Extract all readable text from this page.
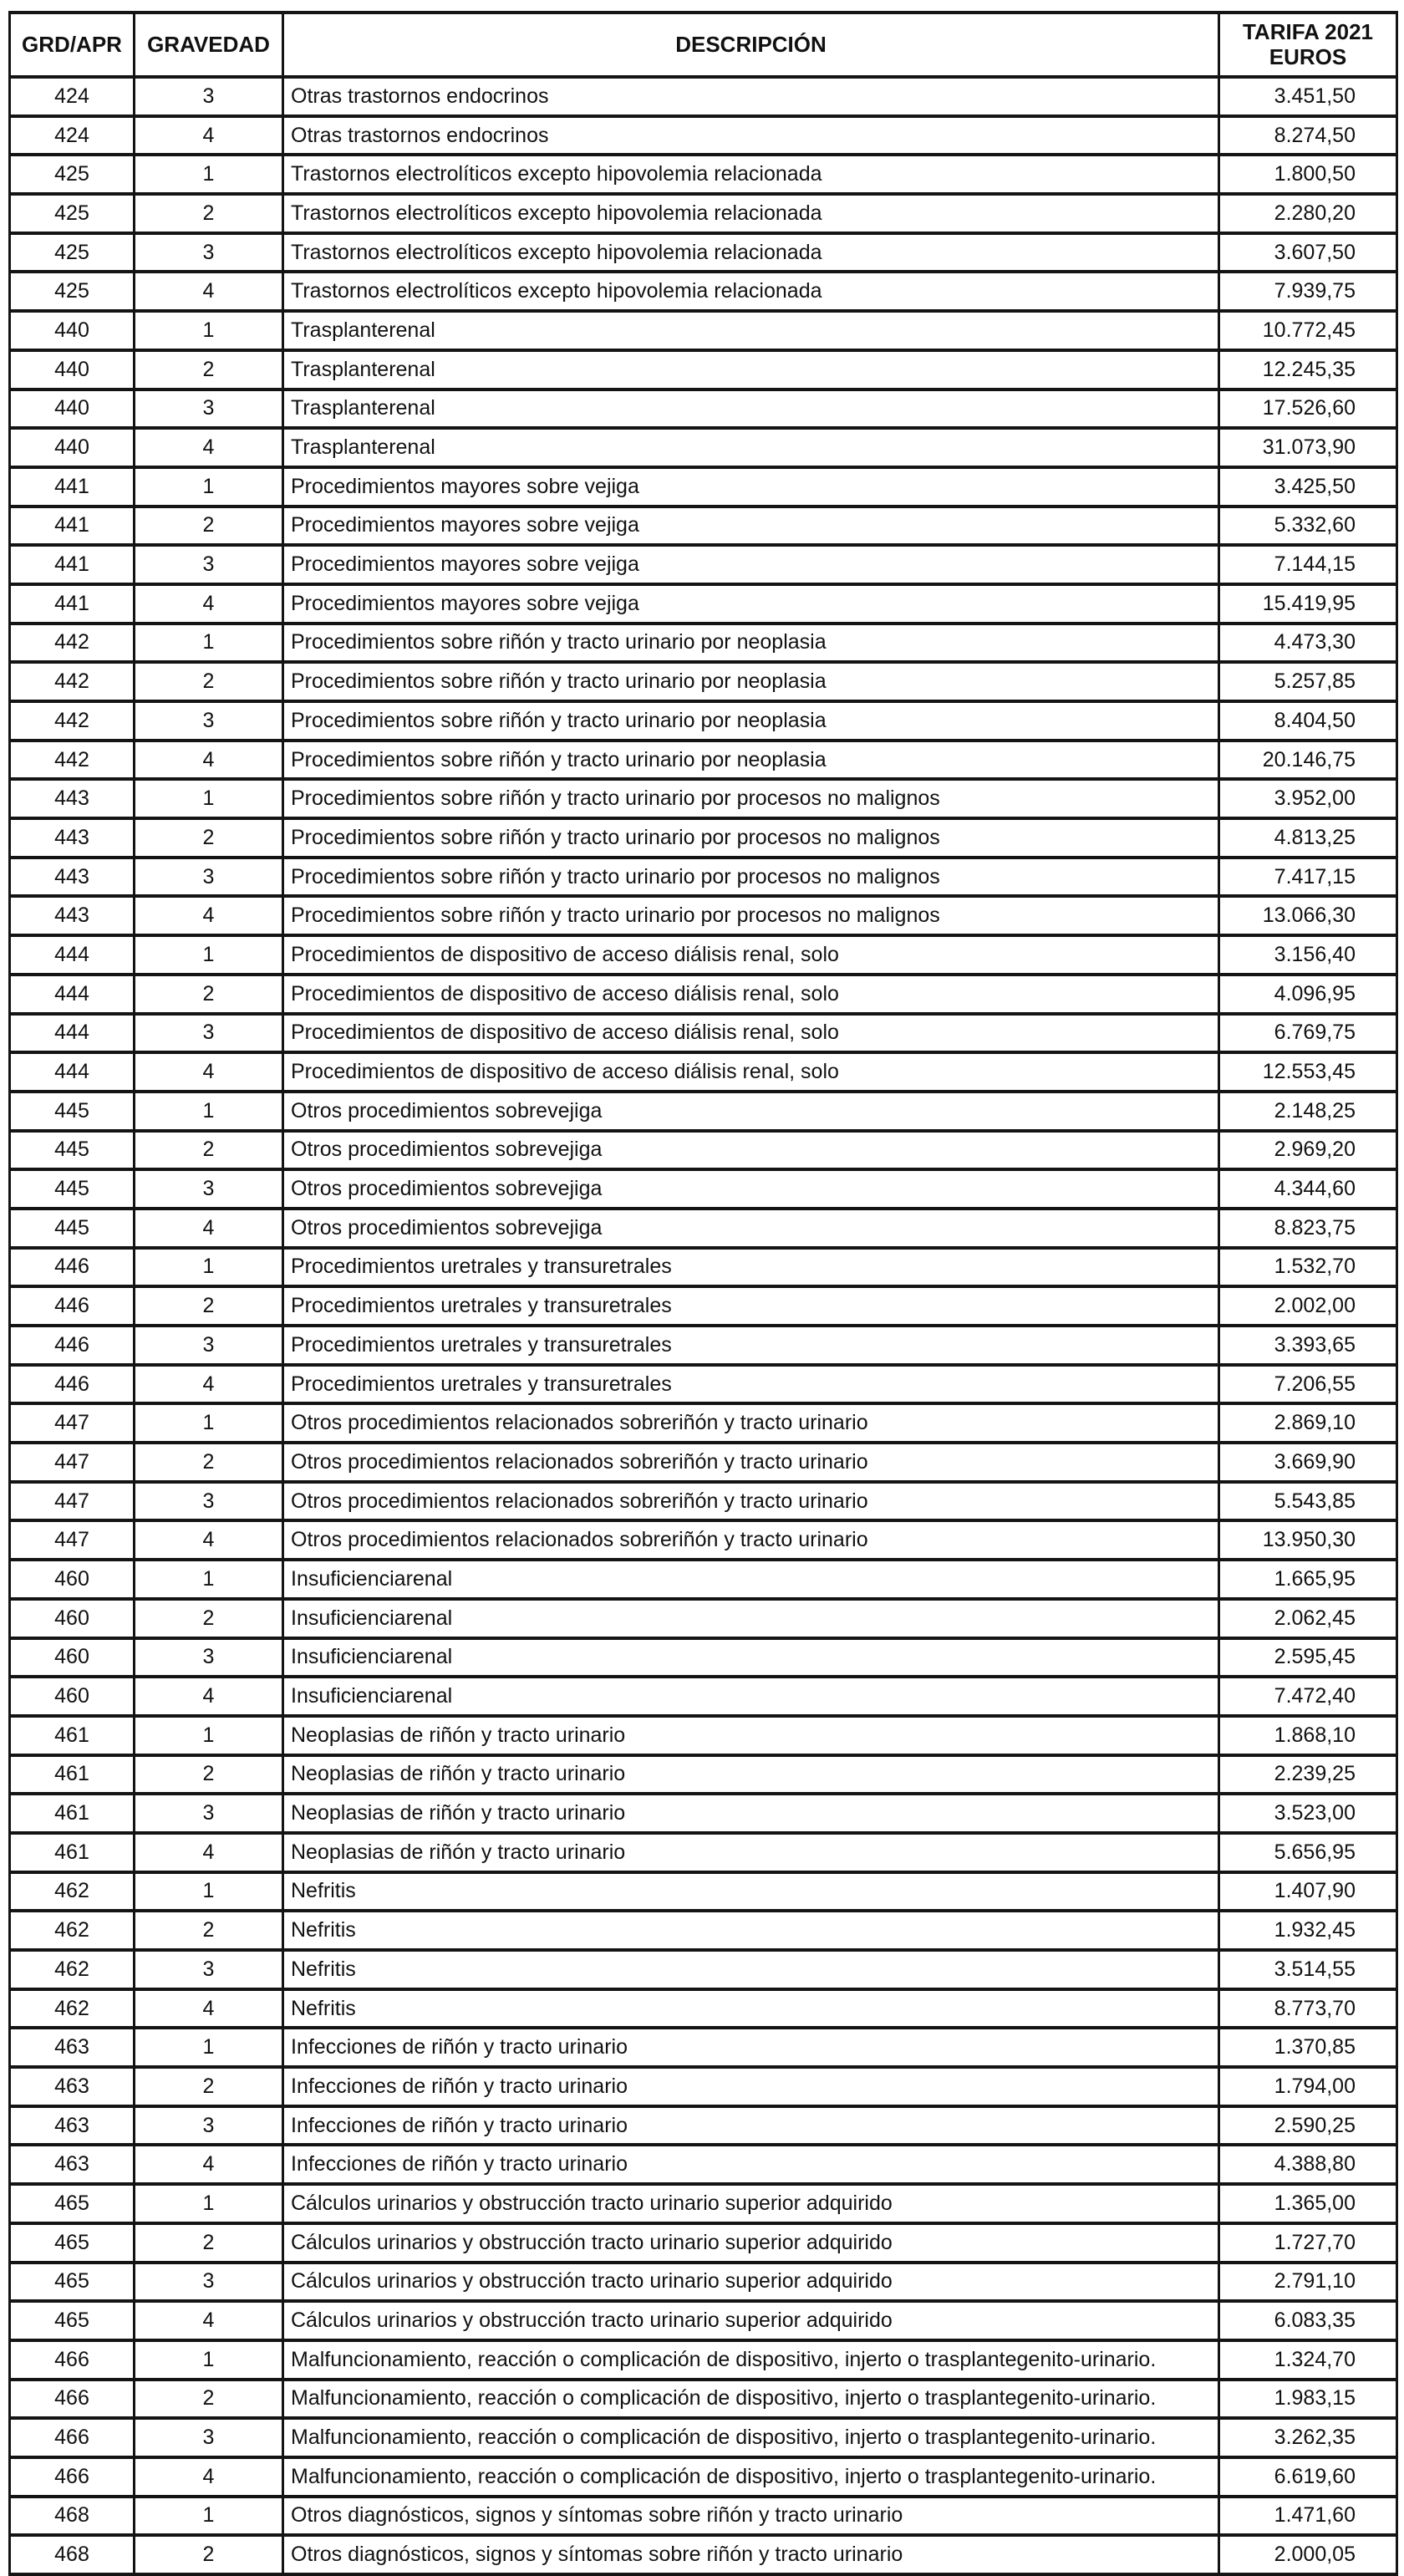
GRD/APR	GRAVEDAD	DESCRIPCIÓN	TARIFA 2021
EUROS
424	3	Otras trastornos endocrinos	3.451,50
424	4	Otras trastornos endocrinos	8.274,50
425	1	Trastornos electrolíticos excepto hipovolemia relacionada	1.800,50
425	2	Trastornos electrolíticos excepto hipovolemia relacionada	2.280,20
425	3	Trastornos electrolíticos excepto hipovolemia relacionada	3.607,50
425	4	Trastornos electrolíticos excepto hipovolemia relacionada	7.939,75
440	1	Trasplanterenal	10.772,45
440	2	Trasplanterenal	12.245,35
440	3	Trasplanterenal	17.526,60
440	4	Trasplanterenal	31.073,90
441	1	Procedimientos mayores sobre vejiga	3.425,50
441	2	Procedimientos mayores sobre vejiga	5.332,60
441	3	Procedimientos mayores sobre vejiga	7.144,15
441	4	Procedimientos mayores sobre vejiga	15.419,95
442	1	Procedimientos sobre riñón y tracto urinario por neoplasia	4.473,30
442	2	Procedimientos sobre riñón y tracto urinario por neoplasia	5.257,85
442	3	Procedimientos sobre riñón y tracto urinario por neoplasia	8.404,50
442	4	Procedimientos sobre riñón y tracto urinario por neoplasia	20.146,75
443	1	Procedimientos sobre riñón y tracto urinario por procesos no malignos	3.952,00
443	2	Procedimientos sobre riñón y tracto urinario por procesos no malignos	4.813,25
443	3	Procedimientos sobre riñón y tracto urinario por procesos no malignos	7.417,15
443	4	Procedimientos sobre riñón y tracto urinario por procesos no malignos	13.066,30
444	1	Procedimientos de dispositivo de acceso diálisis renal, solo	3.156,40
444	2	Procedimientos de dispositivo de acceso diálisis renal, solo	4.096,95
444	3	Procedimientos de dispositivo de acceso diálisis renal, solo	6.769,75
444	4	Procedimientos de dispositivo de acceso diálisis renal, solo	12.553,45
445	1	Otros procedimientos sobrevejiga	2.148,25
445	2	Otros procedimientos sobrevejiga	2.969,20
445	3	Otros procedimientos sobrevejiga	4.344,60
445	4	Otros procedimientos sobrevejiga	8.823,75
446	1	Procedimientos uretrales y transuretrales	1.532,70
446	2	Procedimientos uretrales y transuretrales	2.002,00
446	3	Procedimientos uretrales y transuretrales	3.393,65
446	4	Procedimientos uretrales y transuretrales	7.206,55
447	1	Otros procedimientos relacionados sobreriñón y tracto urinario	2.869,10
447	2	Otros procedimientos relacionados sobreriñón y tracto urinario	3.669,90
447	3	Otros procedimientos relacionados sobreriñón y tracto urinario	5.543,85
447	4	Otros procedimientos relacionados sobreriñón y tracto urinario	13.950,30
460	1	Insuficienciarenal	1.665,95
460	2	Insuficienciarenal	2.062,45
460	3	Insuficienciarenal	2.595,45
460	4	Insuficienciarenal	7.472,40
461	1	Neoplasias de riñón y tracto urinario	1.868,10
461	2	Neoplasias de riñón y tracto urinario	2.239,25
461	3	Neoplasias de riñón y tracto urinario	3.523,00
461	4	Neoplasias de riñón y tracto urinario	5.656,95
462	1	Nefritis	1.407,90
462	2	Nefritis	1.932,45
462	3	Nefritis	3.514,55
462	4	Nefritis	8.773,70
463	1	Infecciones de riñón y tracto urinario	1.370,85
463	2	Infecciones de riñón y tracto urinario	1.794,00
463	3	Infecciones de riñón y tracto urinario	2.590,25
463	4	Infecciones de riñón y tracto urinario	4.388,80
465	1	Cálculos urinarios y obstrucción tracto urinario superior adquirido	1.365,00
465	2	Cálculos urinarios y obstrucción tracto urinario superior adquirido	1.727,70
465	3	Cálculos urinarios y obstrucción tracto urinario superior adquirido	2.791,10
465	4	Cálculos urinarios y obstrucción tracto urinario superior adquirido	6.083,35
466	1	Malfuncionamiento, reacción o complicación de dispositivo, injerto o trasplantegenito-urinario.	1.324,70
466	2	Malfuncionamiento, reacción o complicación de dispositivo, injerto o trasplantegenito-urinario.	1.983,15
466	3	Malfuncionamiento, reacción o complicación de dispositivo, injerto o trasplantegenito-urinario.	3.262,35
466	4	Malfuncionamiento, reacción o complicación de dispositivo, injerto o trasplantegenito-urinario.	6.619,60
468	1	Otros diagnósticos, signos y síntomas sobre riñón y tracto urinario	1.471,60
468	2	Otros diagnósticos, signos y síntomas sobre riñón y tracto urinario	2.000,05
